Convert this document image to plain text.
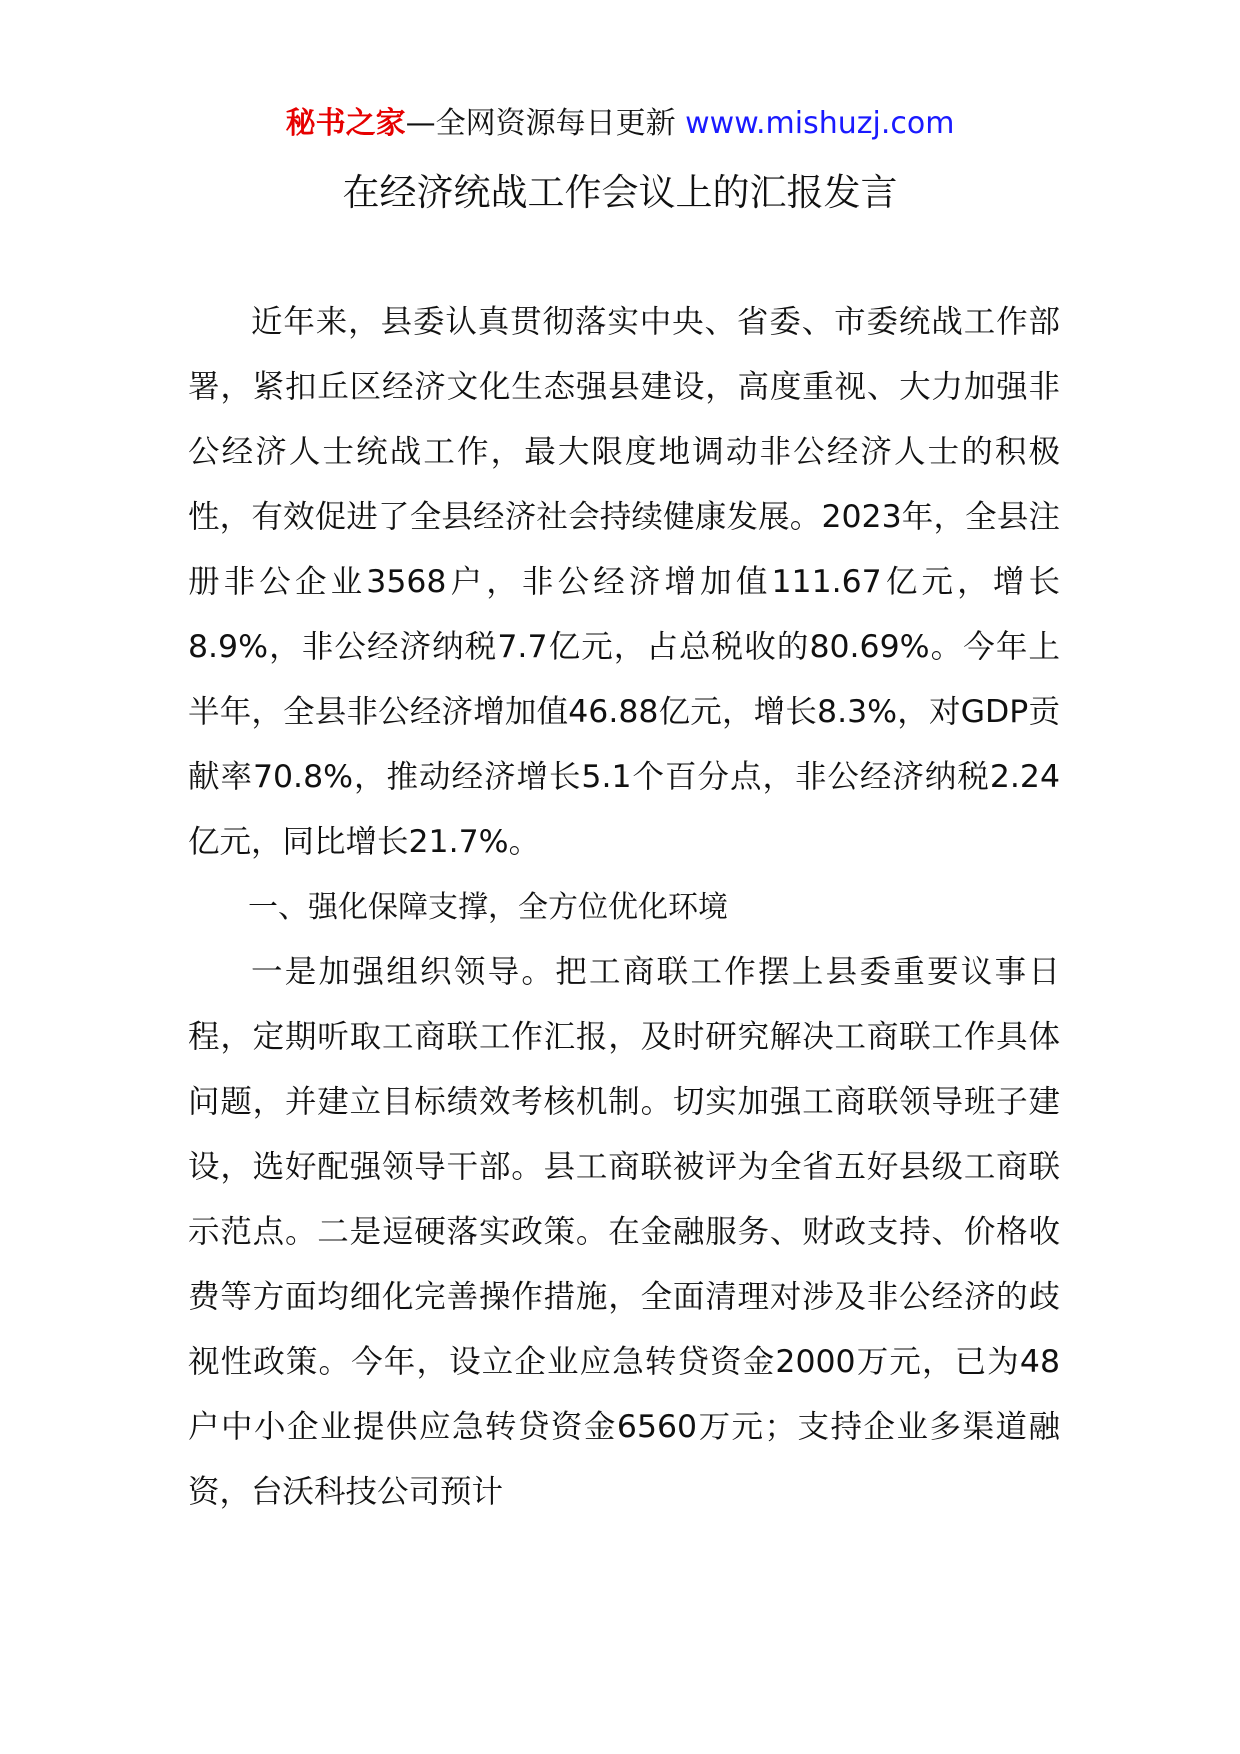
秘书之家—全网资源每日更新 www.mishuzj.com
在经济统战工作会议上的汇报发言

近年来，县委认真贯彻落实中央、省委、市委统战工作部署，紧扣丘区经济文化生态强县建设，高度重视、大力加强非公经济人士统战工作，最大限度地调动非公经济人士的积极性，有效促进了全县经济社会持续健康发展。2023年，全县注册非公企业3568户，非公经济增加值111.67亿元，增长8.9%，非公经济纳税7.7亿元，占总税收的80.69%。今年上半年，全县非公经济增加值46.88亿元，增长8.3%，对GDP贡献率70.8%，推动经济增长5.1个百分点，非公经济纳税2.24亿元，同比增长21.7%。

一、强化保障支撑，全方位优化环境

一是加强组织领导。把工商联工作摆上县委重要议事日程，定期听取工商联工作汇报，及时研究解决工商联工作具体问题，并建立目标绩效考核机制。切实加强工商联领导班子建设，选好配强领导干部。县工商联被评为全省五好县级工商联示范点。二是逗硬落实政策。在金融服务、财政支持、价格收费等方面均细化完善操作措施，全面清理对涉及非公经济的歧视性政策。今年，设立企业应急转贷资金2000万元，已为48户中小企业提供应急转贷资金6560万元；支持企业多渠道融资，台沃科技公司预计
